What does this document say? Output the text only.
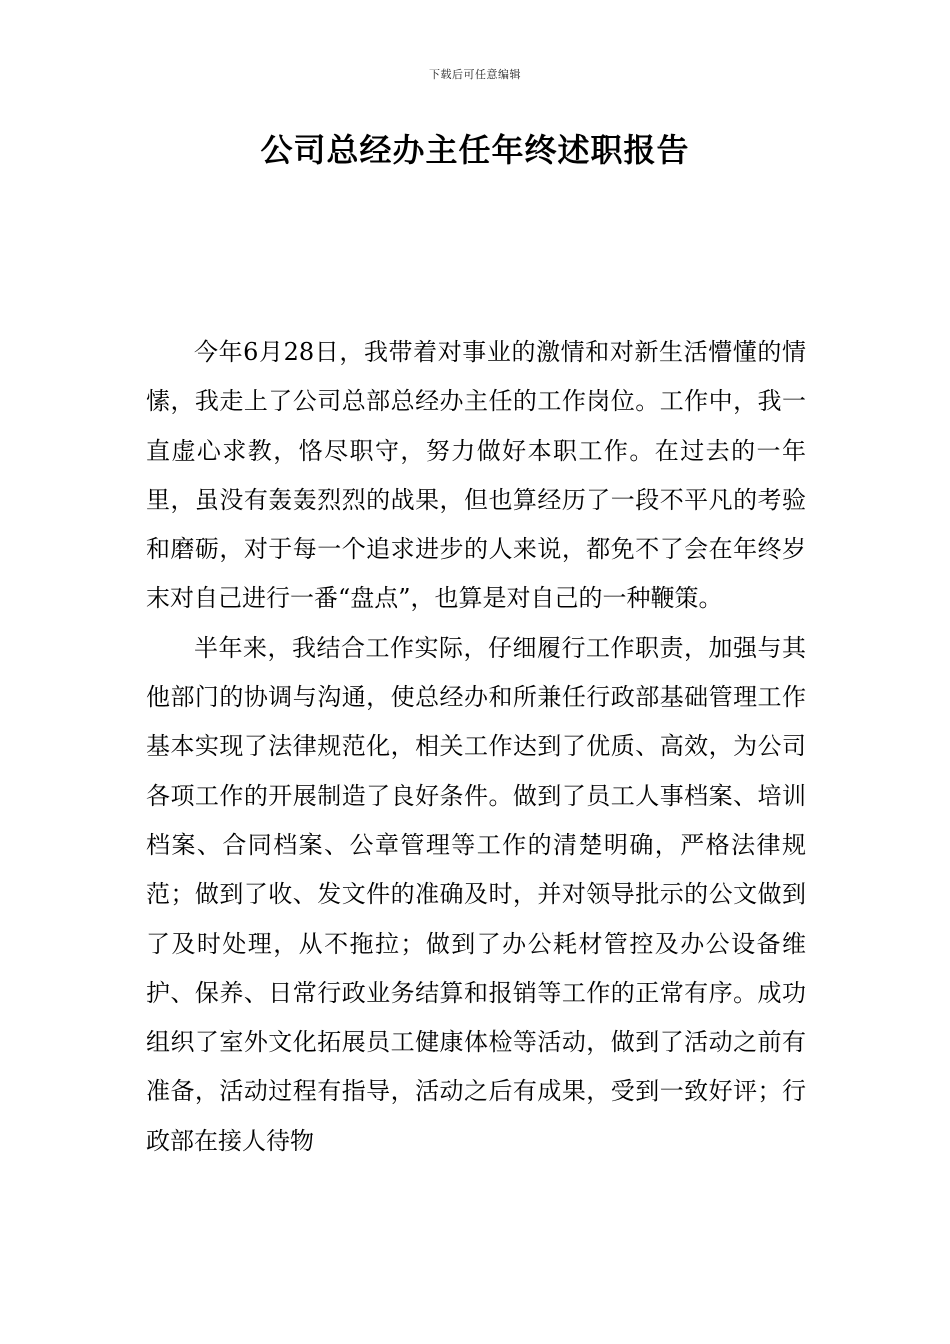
下载后可任意编辑
公司总经办主任年终述职报告

今年6月28日，我带着对事业的激情和对新生活懵懂的情愫，我走上了公司总部总经办主任的工作岗位。工作中，我一直虚心求教，恪尽职守，努力做好本职工作。在过去的一年里，虽没有轰轰烈烈的战果，但也算经历了一段不平凡的考验和磨砺，对于每一个追求进步的人来说，都免不了会在年终岁末对自己进行一番“盘点”，也算是对自己的一种鞭策。

半年来，我结合工作实际，仔细履行工作职责，加强与其他部门的协调与沟通，使总经办和所兼任行政部基础管理工作基本实现了法律规范化，相关工作达到了优质、高效，为公司各项工作的开展制造了良好条件。做到了员工人事档案、培训档案、合同档案、公章管理等工作的清楚明确，严格法律规范；做到了收、发文件的准确及时，并对领导批示的公文做到了及时处理，从不拖拉；做到了办公耗材管控及办公设备维护、保养、日常行政业务结算和报销等工作的正常有序。成功组织了室外文化拓展员工健康体检等活动，做到了活动之前有准备，活动过程有指导，活动之后有成果，受到一致好评；行政部在接人待物
